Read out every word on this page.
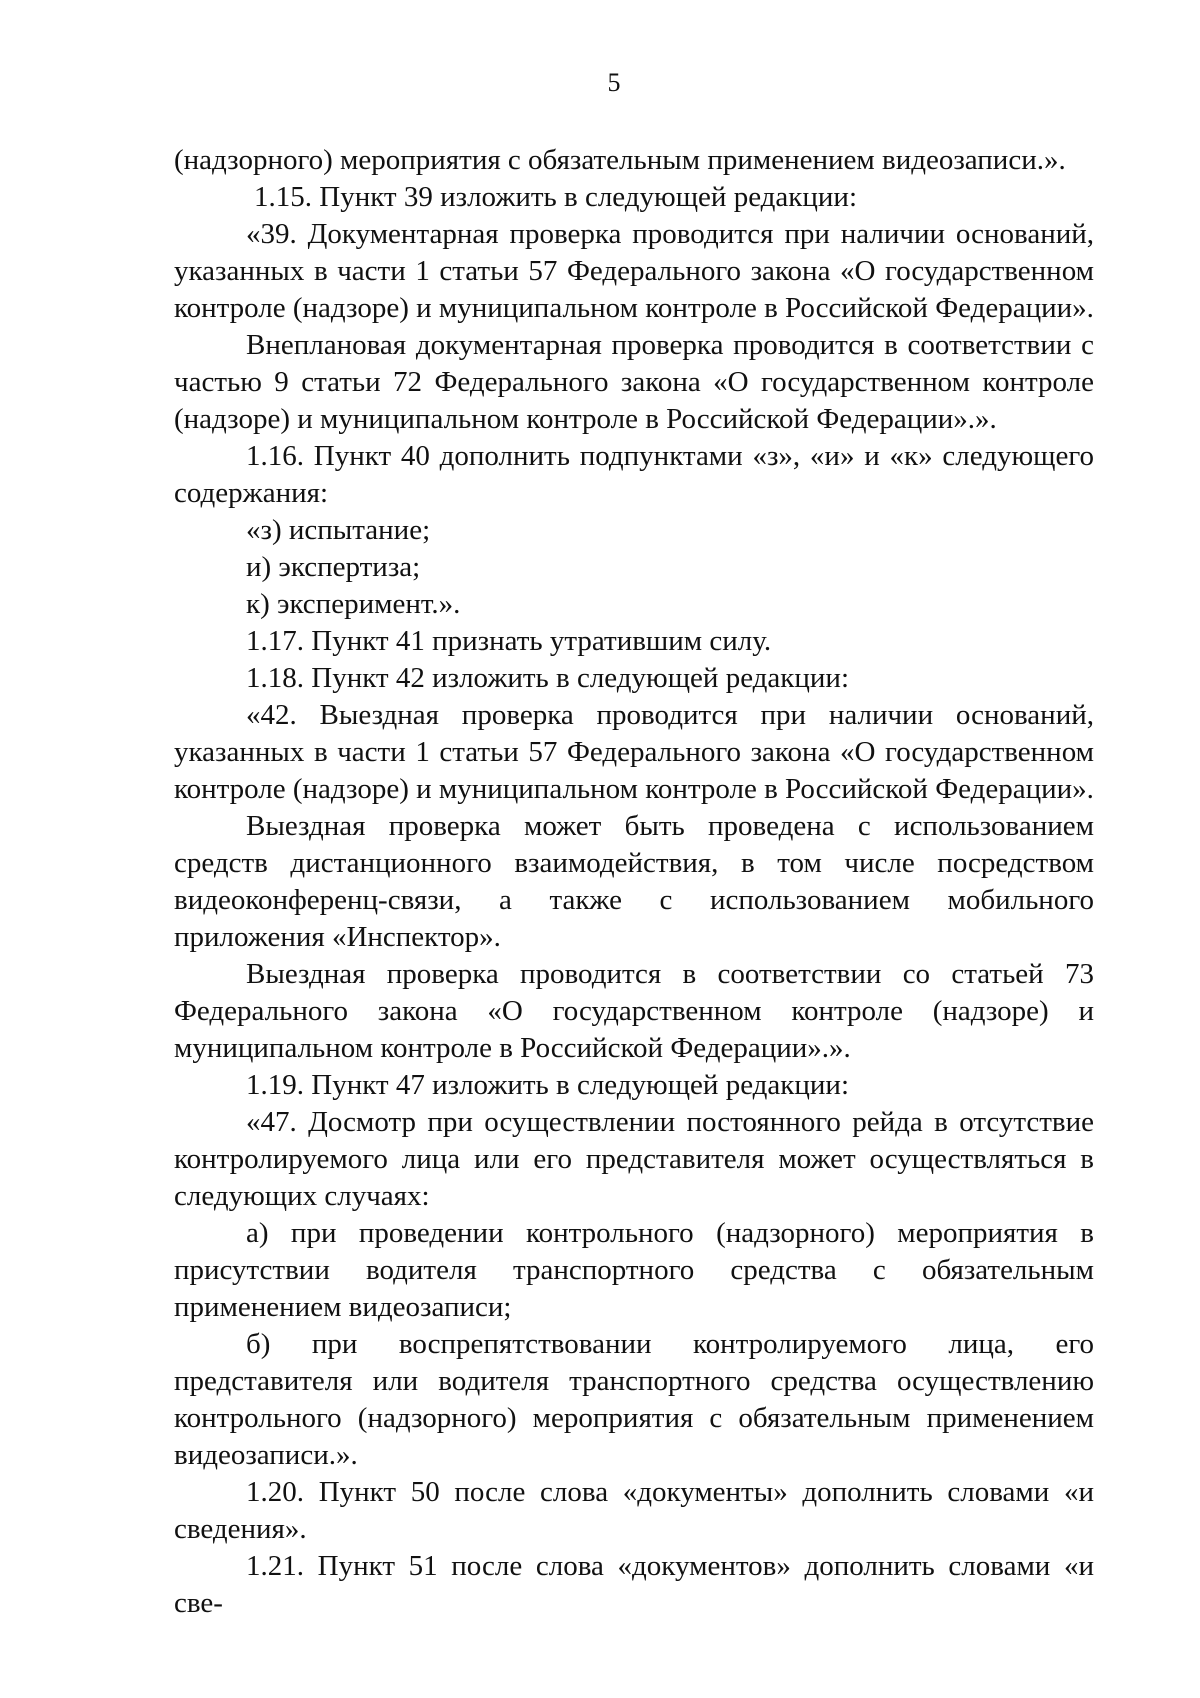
5

(надзорного) мероприятия с обязательным применением видеозаписи.».

1.15. Пункт 39 изложить в следующей редакции:

«39. Документарная проверка проводится при наличии оснований, указанных в части 1 статьи 57 Федерального закона «О государственном контроле (надзоре) и муниципальном контроле в Российской Федерации».

Внеплановая документарная проверка проводится в соответствии с частью 9 статьи 72 Федерального закона «О государственном контроле (надзоре) и муниципальном контроле в Российской Федерации».».

1.16. Пункт 40 дополнить подпунктами «з», «и» и «к» следующего содержания:

«з) испытание;

и) экспертиза;

к) эксперимент.».

1.17. Пункт 41 признать утратившим силу.

1.18. Пункт 42 изложить в следующей редакции:

«42. Выездная проверка проводится при наличии оснований, указанных в части 1 статьи 57 Федерального закона «О государственном контроле (надзоре) и муниципальном контроле в Российской Федерации».

Выездная проверка может быть проведена с использованием средств дистанционного взаимодействия, в том числе посредством видеоконференц-связи, а также с использованием мобильного приложения «Инспектор».

Выездная проверка проводится в соответствии со статьей 73 Федерального закона «О государственном контроле (надзоре) и муниципальном контроле в Российской Федерации».».

1.19. Пункт 47 изложить в следующей редакции:

«47. Досмотр при осуществлении постоянного рейда в отсутствие контролируемого лица или его представителя может осуществляться в следующих случаях:

а) при проведении контрольного (надзорного) мероприятия в присутствии водителя транспортного средства с обязательным применением видеозаписи;

б) при воспрепятствовании контролируемого лица, его представителя или водителя транспортного средства осуществлению контрольного (надзорного) мероприятия с обязательным применением видеозаписи.».

1.20. Пункт 50 после слова «документы» дополнить словами «и сведения».

1.21. Пункт 51 после слова «документов» дополнить словами «и све-
